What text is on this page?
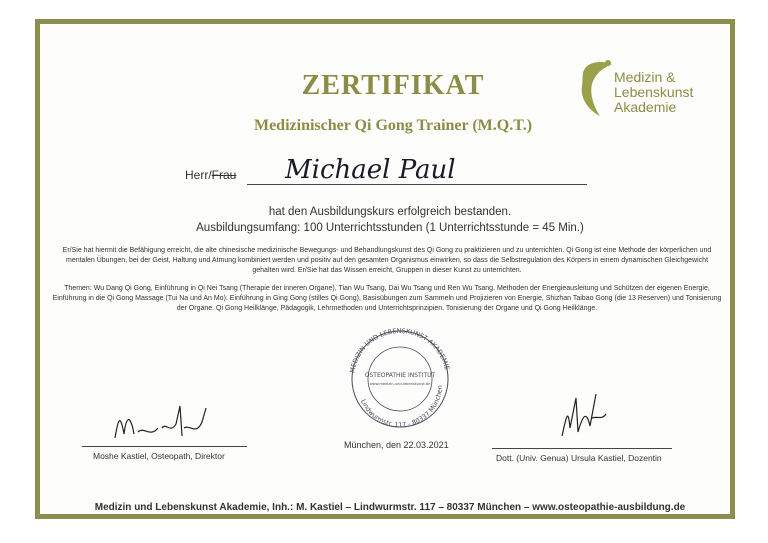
Medizin &
Lebenskunst
Akademie
ZERTIFIKAT
Medizinischer Qi Gong Trainer (M.Q.T.)
Herr/Frau Michael Paul
hat den Ausbildungskurs erfolgreich bestanden.
Ausbildungsumfang: 100 Unterrichtsstunden (1 Unterrichtsstunde = 45 Min.)
Er/Sie hat hiermit die Befähigung erreicht, die alte chinesische medizinische Bewegungs- und Behandlungskunst des Qi Gong zu praktizieren und zu unterrichten. Qi Gong ist eine Methode der körperlichen und mentalen Übungen, bei der Geist, Haltung und Atmung kombiniert werden und positiv auf den gesamten Organismus einwirken, so dass die Selbstregulation des Körpers in einem dynamischen Gleichgewicht gehalten wird. Er/Sie hat das Wissen erreicht, Gruppen in dieser Kunst zu unterrichten.
Themen: Wu Dang Qi Gong, Einführung in Qi Nei Tsang (Therapie der inneren Organe), Tian Wu Tsang, Dai Wu Tsang und Ren Wu Tsang. Methoden der Energieausleitung und Schützen der eigenen Energie, Einführung in die Qi Gong Massage (Tui Na und An Mo). Einführung in Ging Gong (stilles Qi Gong), Basisübungen zum Sammeln und Projizieren von Energie, Shizhan Taibao Gong (die 13 Reserven) und Tonisierung der Organe. Qi Gong Heilklänge, Pädagogik, Lehrmethoden und Unterrichtsprinzipien. Tonisierung der Organe und Qi Gong Heilklänge.
MEDIZIN UND LEBENSKUNST AKADEMIE
Lindwurmstr. 117 - 80337 München
OSTEOPATHIE INSTITUT
www.medizin-und-lebenskunst.de
Moshe Kastiel, Osteopath, Direktor
München, den 22.03.2021
Dott. (Univ. Genua) Ursula Kastiel, Dozentin
Medizin und Lebenskunst Akademie, Inh.: M. Kastiel – Lindwurmstr. 117 – 80337 München – www.osteopathie-ausbildung.de
